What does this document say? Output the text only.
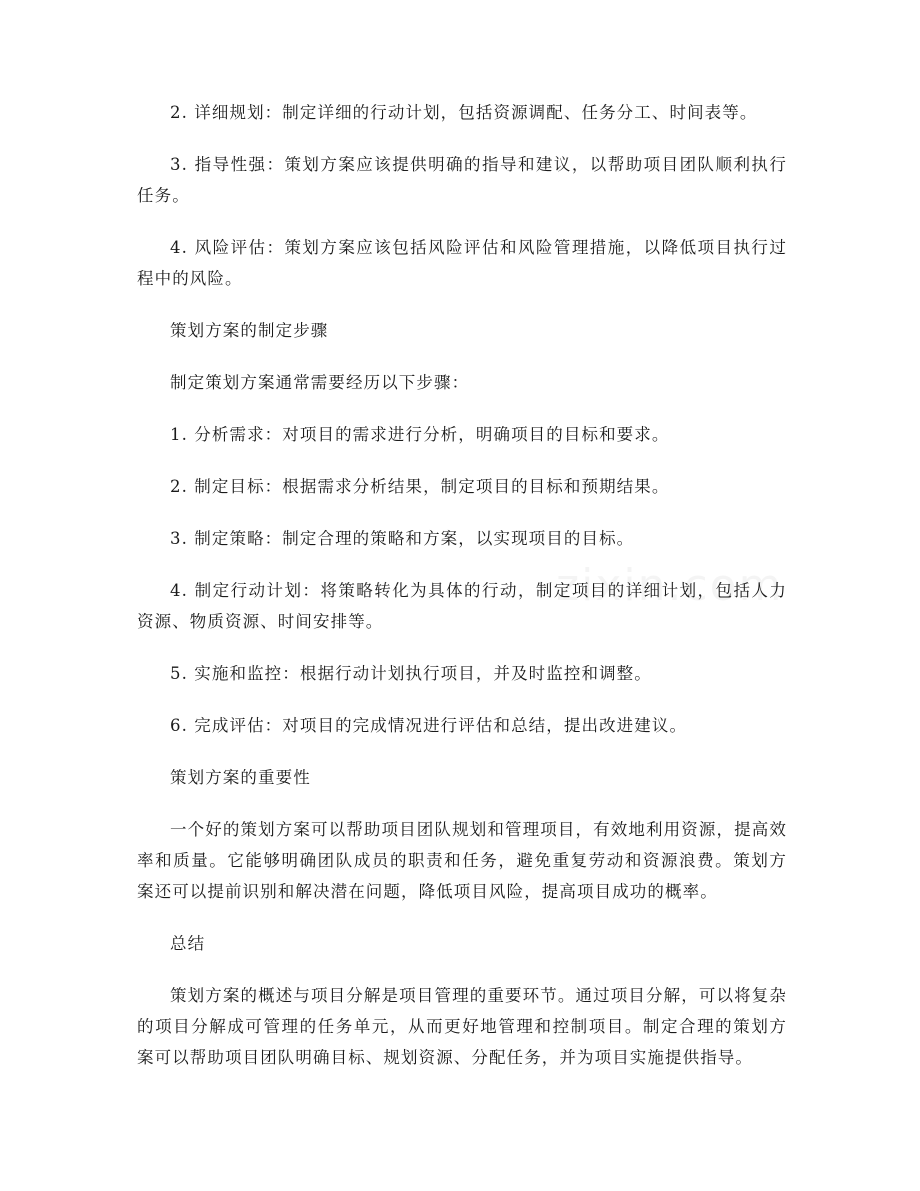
2. 详细规划：制定详细的行动计划，包括资源调配、任务分工、时间表等。

3. 指导性强：策划方案应该提供明确的指导和建议，以帮助项目团队顺利执行任务。

4. 风险评估：策划方案应该包括风险评估和风险管理措施，以降低项目执行过程中的风险。

策划方案的制定步骤

制定策划方案通常需要经历以下步骤：

1. 分析需求：对项目的需求进行分析，明确项目的目标和要求。

2. 制定目标：根据需求分析结果，制定项目的目标和预期结果。

3. 制定策略：制定合理的策略和方案，以实现项目的目标。

4. 制定行动计划：将策略转化为具体的行动，制定项目的详细计划，包括人力资源、物质资源、时间安排等。

5. 实施和监控：根据行动计划执行项目，并及时监控和调整。

6. 完成评估：对项目的完成情况进行评估和总结，提出改进建议。

策划方案的重要性

一个好的策划方案可以帮助项目团队规划和管理项目，有效地利用资源，提高效率和质量。它能够明确团队成员的职责和任务，避免重复劳动和资源浪费。策划方案还可以提前识别和解决潜在问题，降低项目风险，提高项目成功的概率。

总结

策划方案的概述与项目分解是项目管理的重要环节。通过项目分解，可以将复杂的项目分解成可管理的任务单元，从而更好地管理和控制项目。制定合理的策划方案可以帮助项目团队明确目标、规划资源、分配任务，并为项目实施提供指导。
